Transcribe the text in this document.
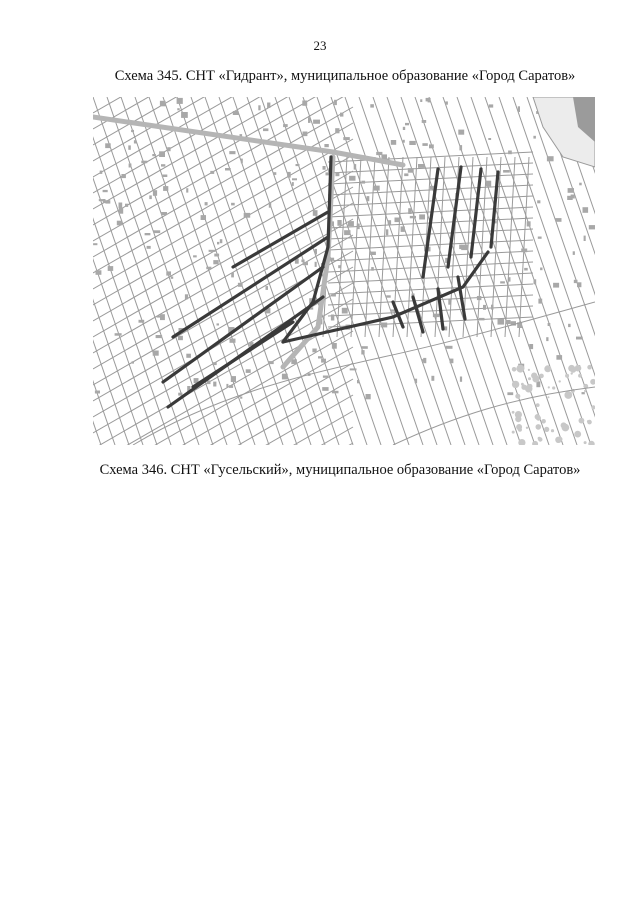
23
Схема 345. СНТ «Гидрант», муниципальное образование «Город Саратов»
Схема 346. СНТ «Гусельский», муниципальное образование «Город Саратов»
